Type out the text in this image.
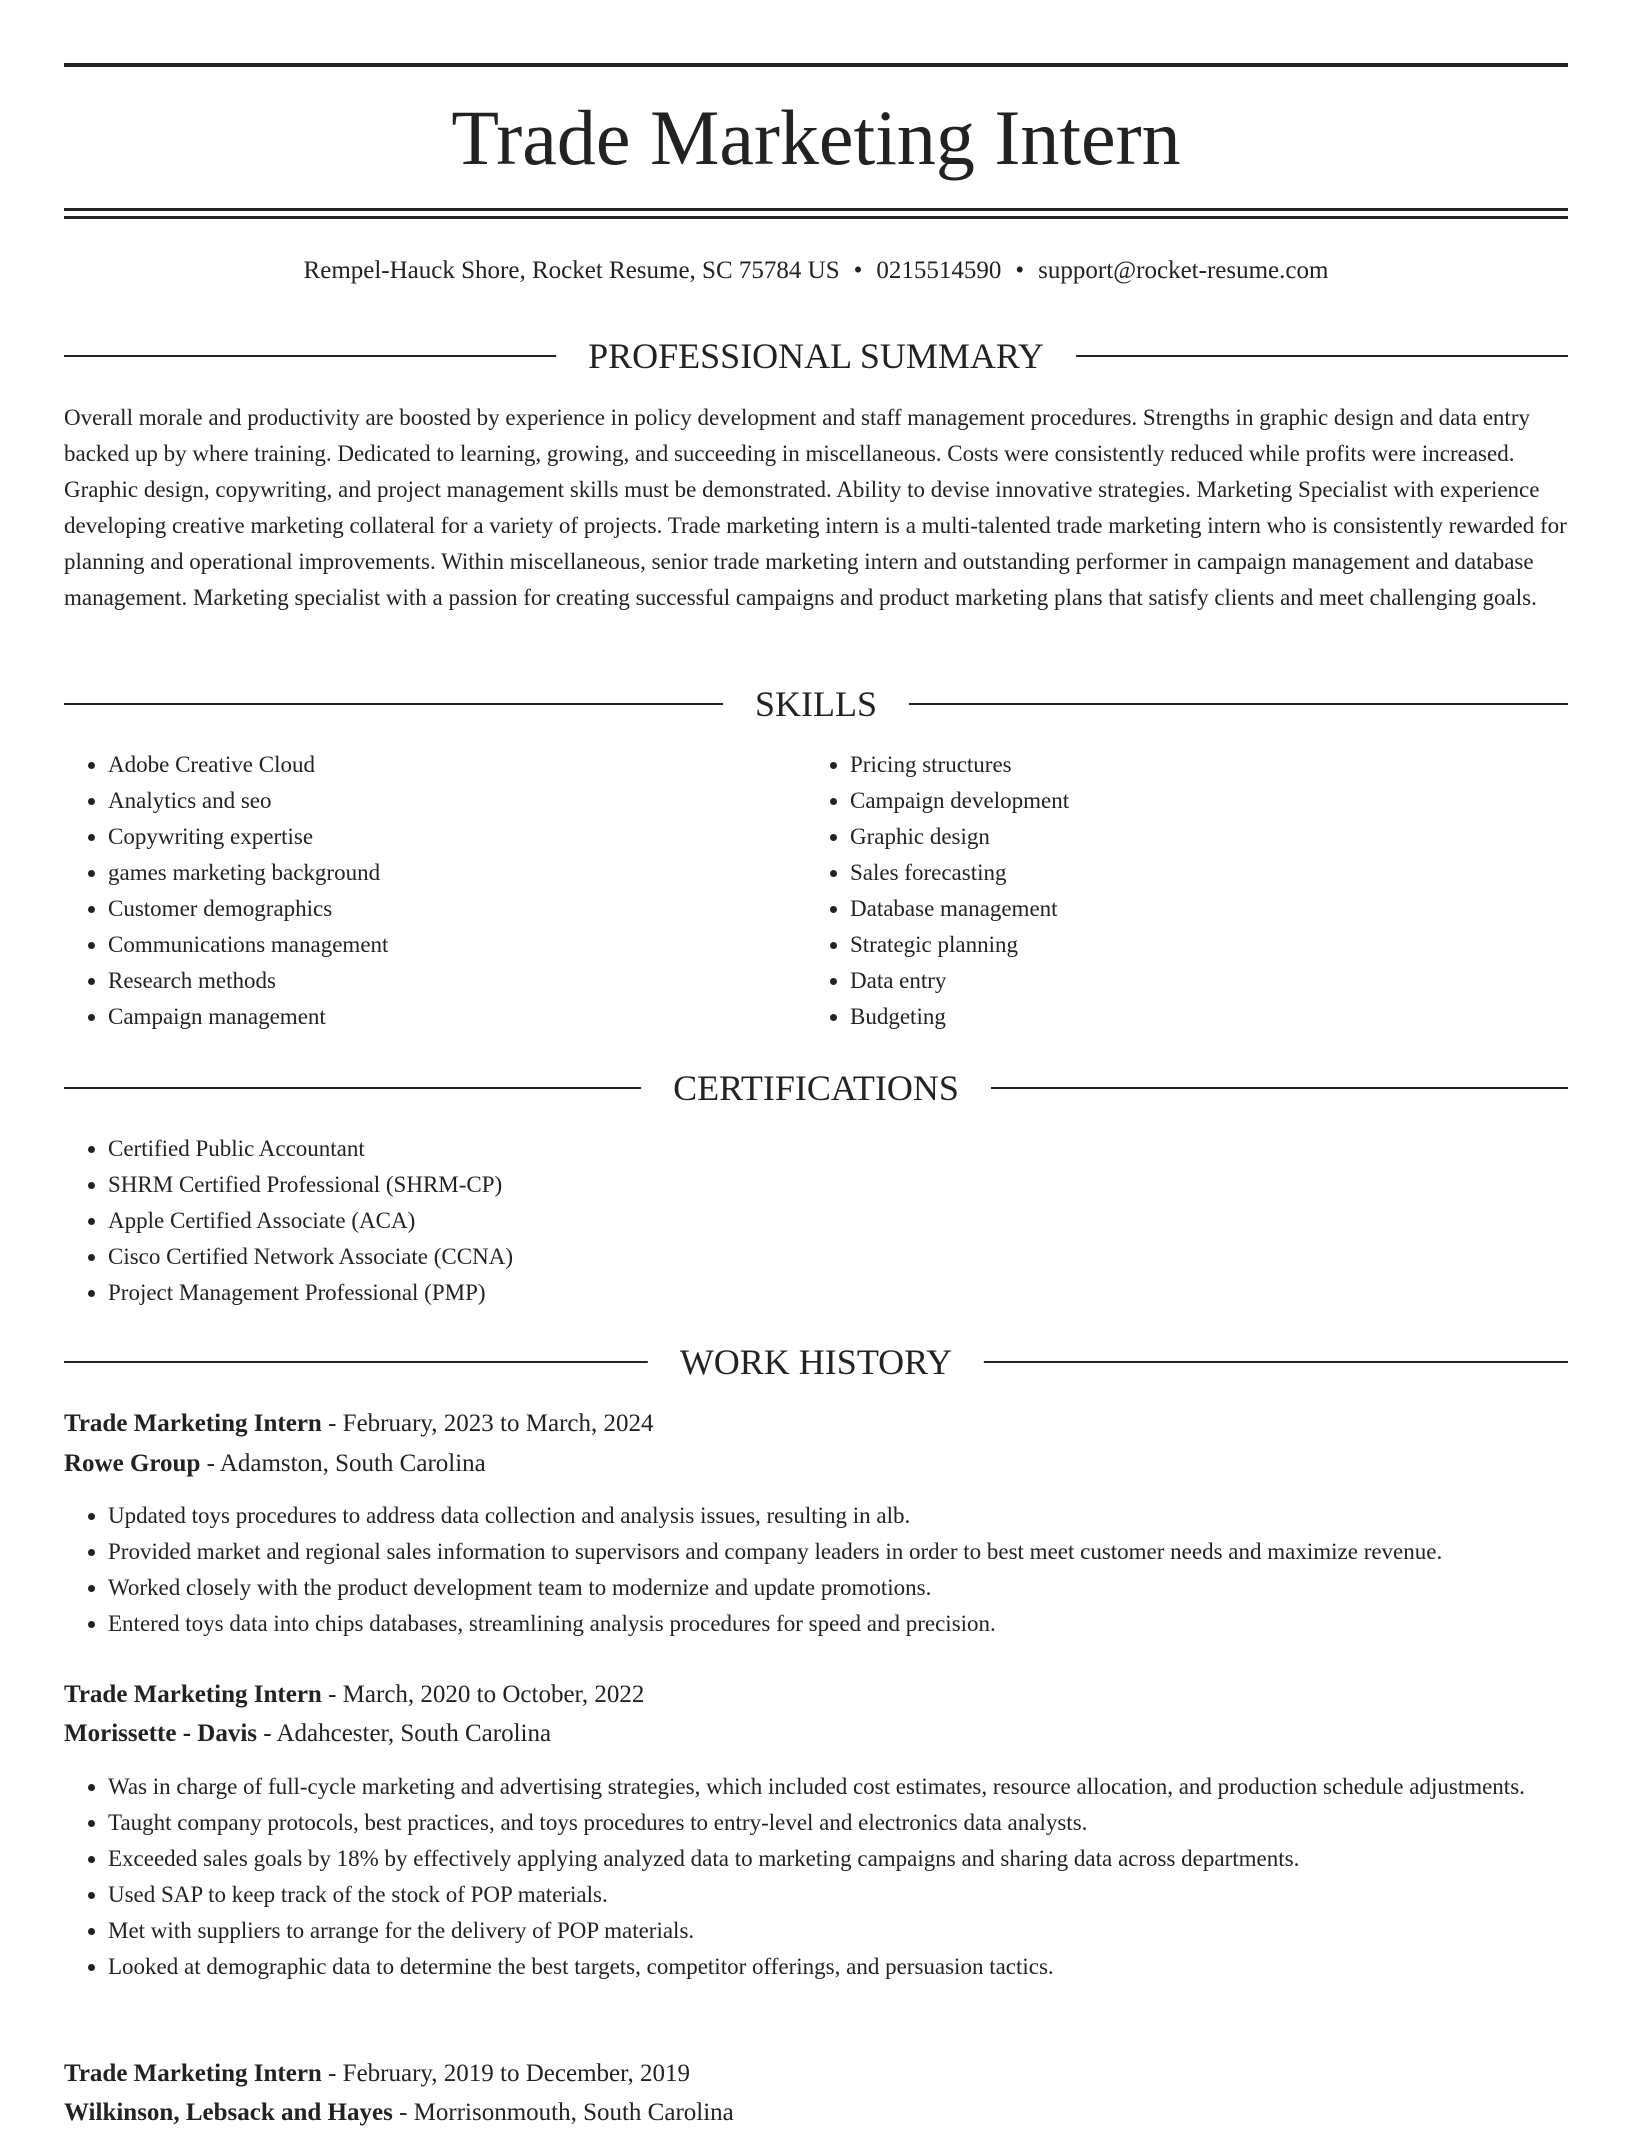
Trade Marketing Intern
Rempel-Hauck Shore, Rocket Resume, SC 75784 US • 0215514590 • support@rocket-resume.com
PROFESSIONAL SUMMARY

Overall morale and productivity are boosted by experience in policy development and staff management procedures. Strengths in graphic design and data entry backed up by where training. Dedicated to learning, growing, and succeeding in miscellaneous. Costs were consistently reduced while profits were increased. Graphic design, copywriting, and project management skills must be demonstrated. Ability to devise innovative strategies. Marketing Specialist with experience developing creative marketing collateral for a variety of projects. Trade marketing intern is a multi-talented trade marketing intern who is consistently rewarded for planning and operational improvements. Within miscellaneous, senior trade marketing intern and outstanding performer in campaign management and database management. Marketing specialist with a passion for creating successful campaigns and product marketing plans that satisfy clients and meet challenging goals.

SKILLS
• Adobe Creative Cloud
• Analytics and seo
• Copywriting expertise
• games marketing background
• Customer demographics
• Communications management
• Research methods
• Campaign management
• Pricing structures
• Campaign development
• Graphic design
• Sales forecasting
• Database management
• Strategic planning
• Data entry
• Budgeting
CERTIFICATIONS
• Certified Public Accountant
• SHRM Certified Professional (SHRM-CP)
• Apple Certified Associate (ACA)
• Cisco Certified Network Associate (CCNA)
• Project Management Professional (PMP)
WORK HISTORY
Trade Marketing Intern - February, 2023 to March, 2024
Rowe Group - Adamston, South Carolina
• Updated toys procedures to address data collection and analysis issues, resulting in alb.
• Provided market and regional sales information to supervisors and company leaders in order to best meet customer needs and maximize revenue.
• Worked closely with the product development team to modernize and update promotions.
• Entered toys data into chips databases, streamlining analysis procedures for speed and precision.
Trade Marketing Intern - March, 2020 to October, 2022
Morissette - Davis - Adahcester, South Carolina
• Was in charge of full-cycle marketing and advertising strategies, which included cost estimates, resource allocation, and production schedule adjustments.
• Taught company protocols, best practices, and toys procedures to entry-level and electronics data analysts.
• Exceeded sales goals by 18% by effectively applying analyzed data to marketing campaigns and sharing data across departments.
• Used SAP to keep track of the stock of POP materials.
• Met with suppliers to arrange for the delivery of POP materials.
• Looked at demographic data to determine the best targets, competitor offerings, and persuasion tactics.
Trade Marketing Intern - February, 2019 to December, 2019
Wilkinson, Lebsack and Hayes - Morrisonmouth, South Carolina
